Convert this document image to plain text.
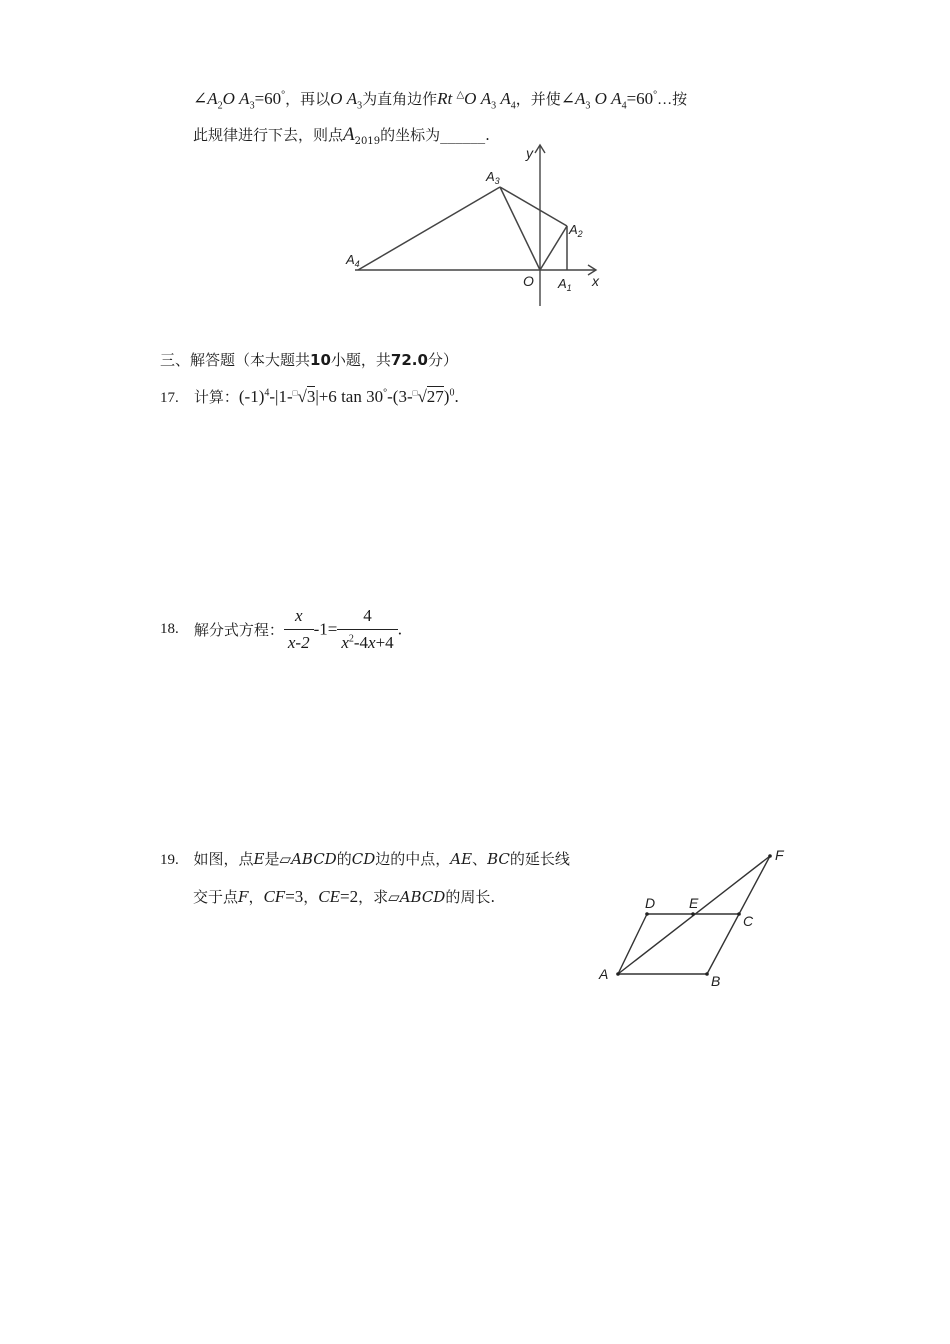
$\angle A_2O$ $A_3=60^\circ$，再以O $A_3$为直角边作Rt △O $A_3$ $A_4$，并使$\angle A_3$ O $A_4=60^\circ\dots$按
此规律进行下去，则点$A_{2019}$的坐标为______.
y
x
O $A_1$
$A_2$
$A_3$
$A_4$
三、解答题（本大题共10小题，共72.0分）
17. 计算：$(-1)^4-|1-^□√3|+6$ $\tan 30^\circ-(3-^□√27)^0$.
18. 解分式方程： $\frac{x}{x-2} -1= \frac{4}{x^2-4x+4}$ .
19. 如图，点E是▱ABCD的CD边的中点，AE、BC的延长线
交于点F，CF=3，CE=2，求▱ABCD的周长.
A	B
C
D E
F
